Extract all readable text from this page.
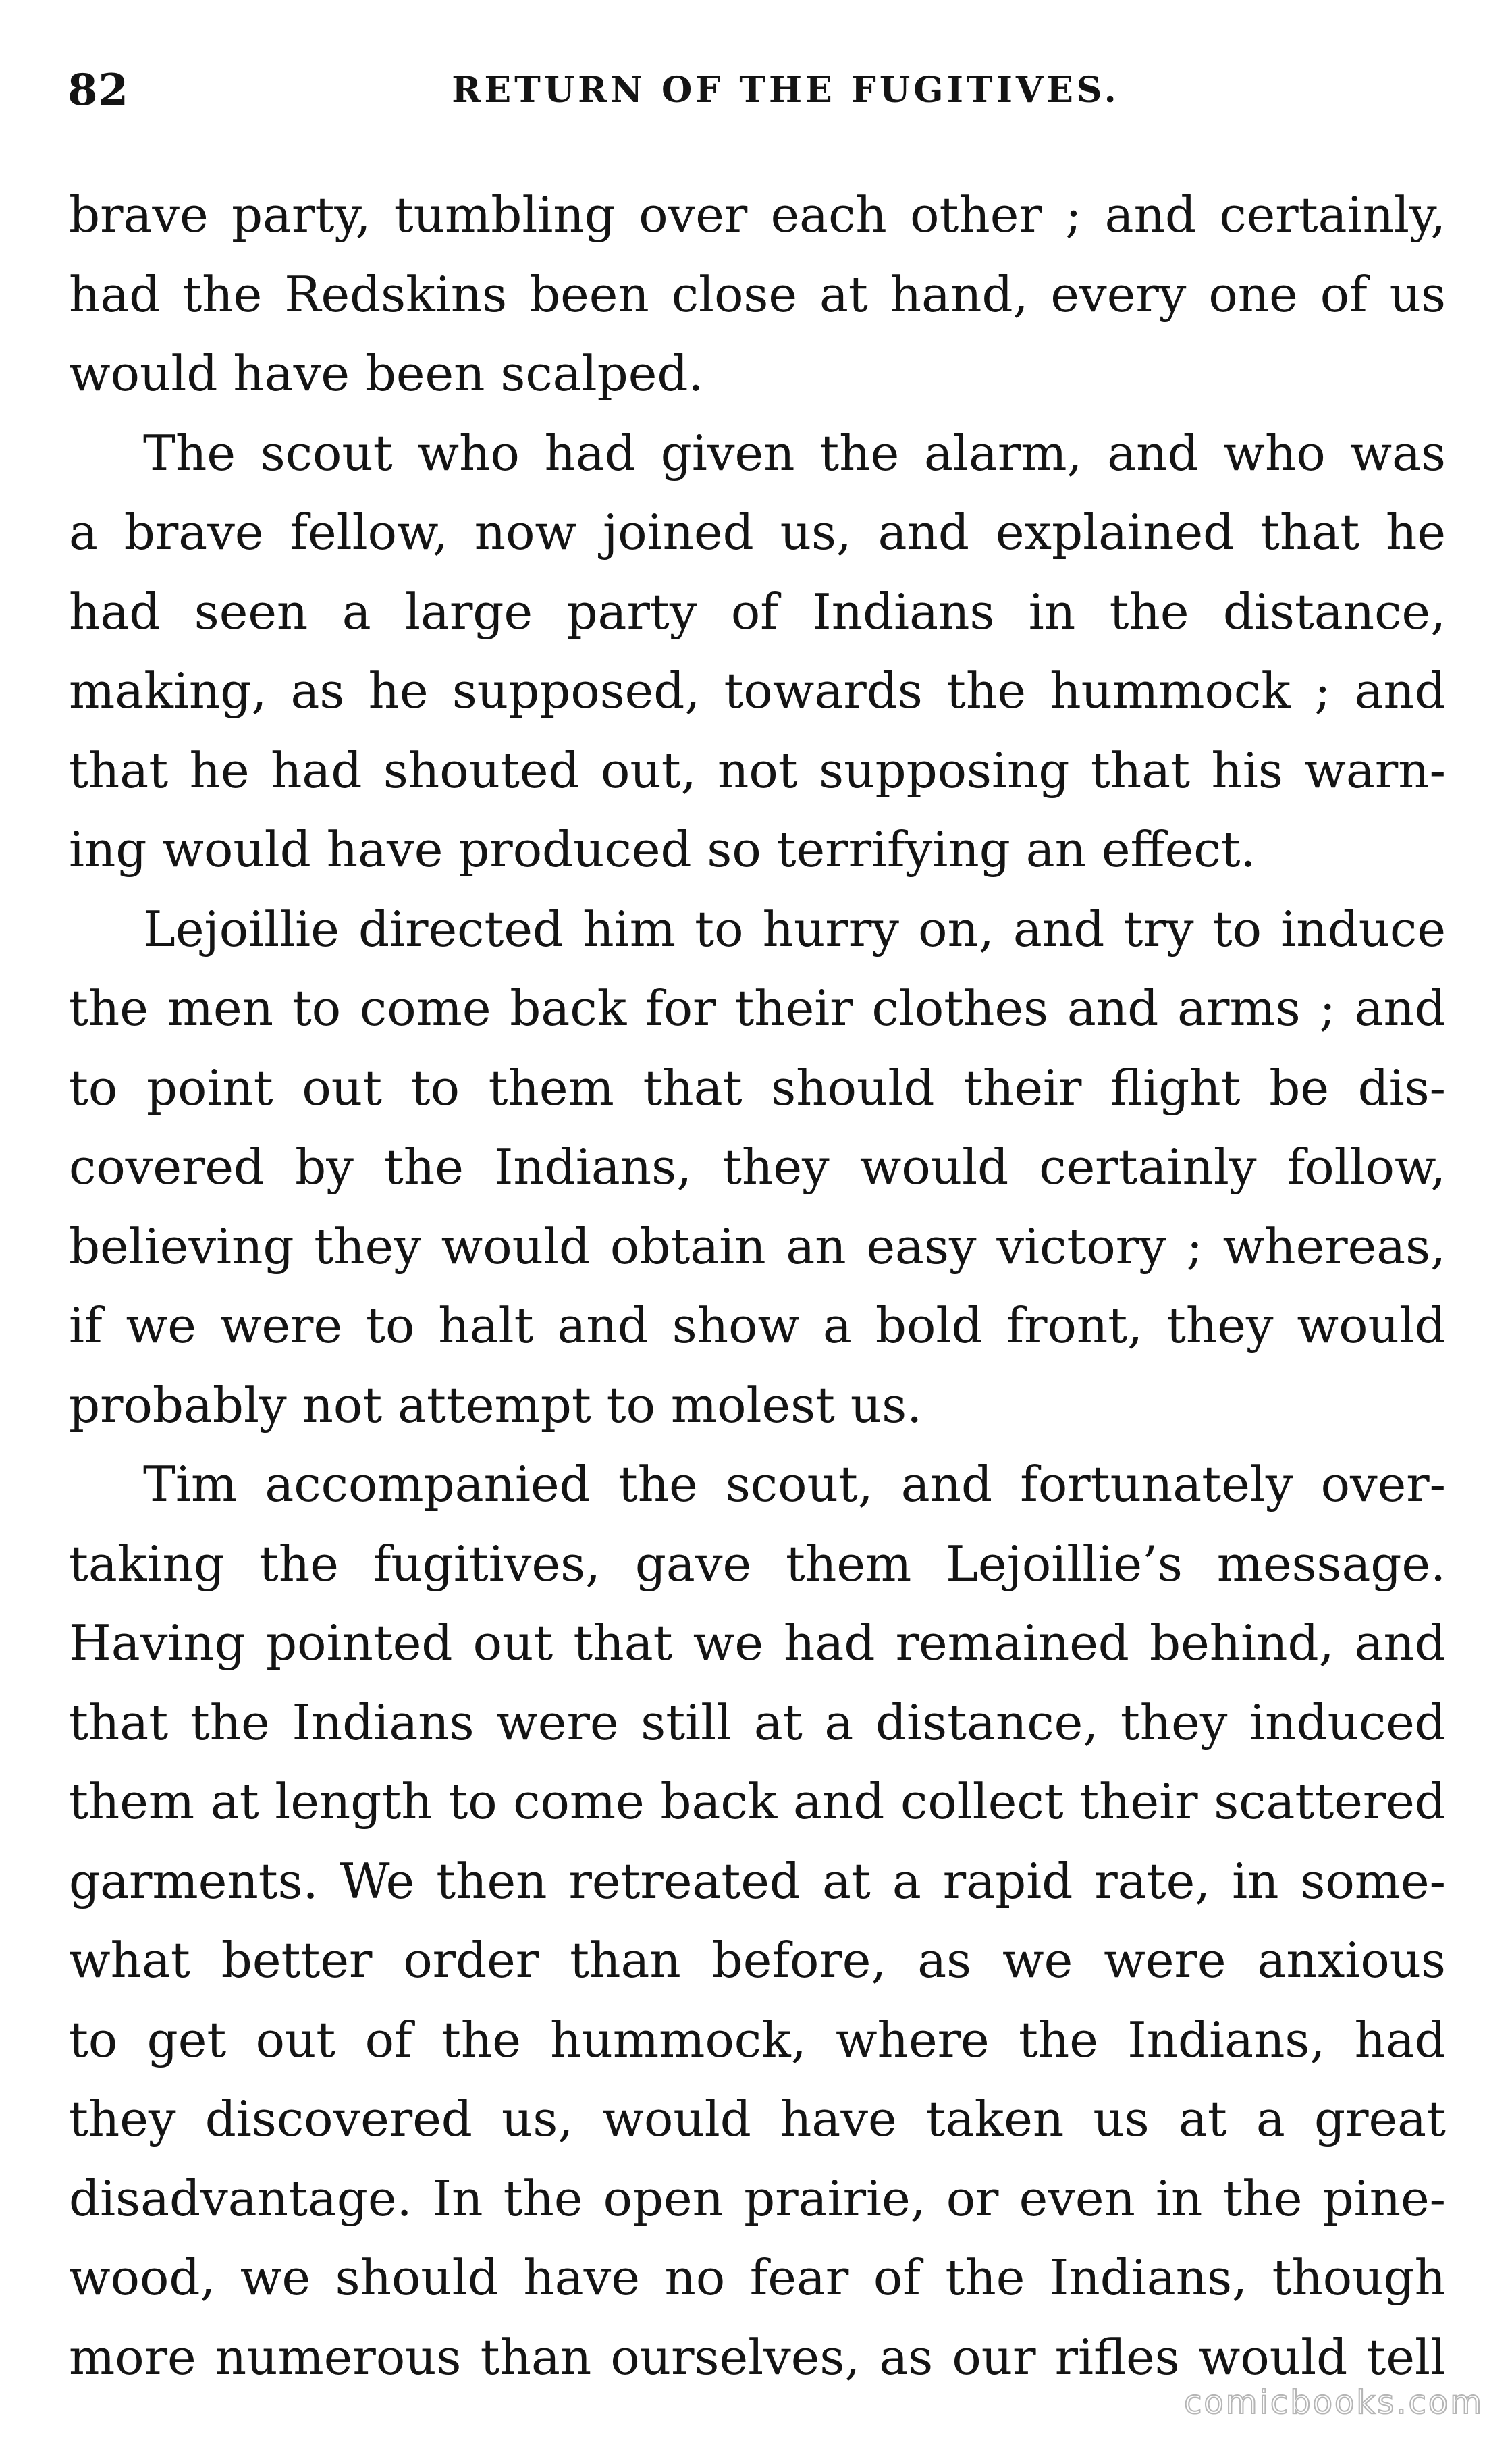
82	RETURN OF THE FUGITIVES.
brave party, tumbling over each other ; and certainly,
had the Redskins been close at hand, every one of us
would have been scalped.
The scout who had given the alarm, and who was
a brave fellow, now joined us, and explained that he
had seen a large party of Indians in the distance,
making, as he supposed, towards the hummock ; and
that he had shouted out, not supposing that his warn-
ing would have produced so terrifying an effect.
Lejoillie directed him to hurry on, and try to induce
the men to come back for their clothes and arms ; and
to point out to them that should their flight be dis-
covered by the Indians, they would certainly follow,
believing they would obtain an easy victory ; whereas,
if we were to halt and show a bold front, they would
probably not attempt to molest us.
Tim accompanied the scout, and fortunately over-
taking the fugitives, gave them Lejoillie’s message.
Having pointed out that we had remained behind, and
that the Indians were still at a distance, they induced
them at length to come back and collect their scattered
garments. We then retreated at a rapid rate, in some-
what better order than before, as we were anxious
to get out of the hummock, where the Indians, had
they discovered us, would have taken us at a great
disadvantage. In the open prairie, or even in the pine-
wood, we should have no fear of the Indians, though
more numerous than ourselves, as our rifles would tell
comicbooks.com
